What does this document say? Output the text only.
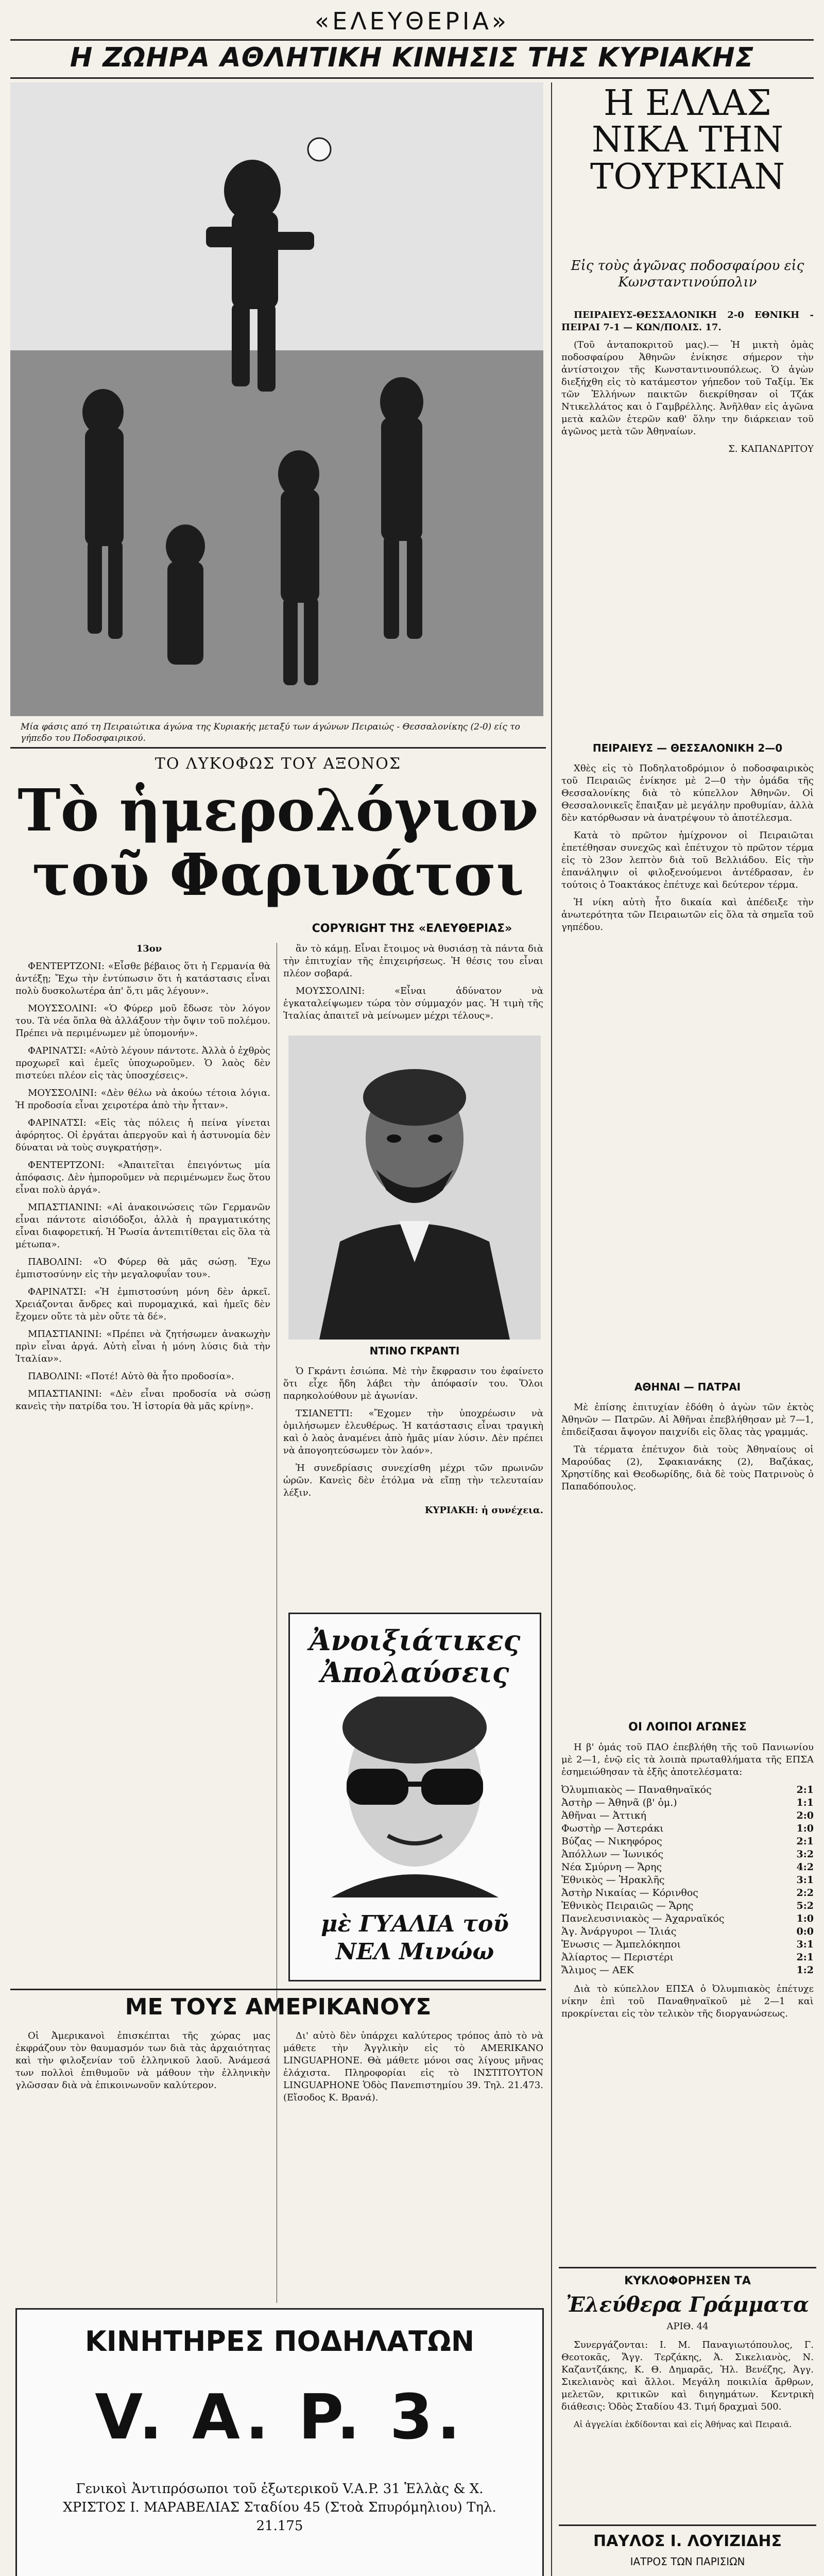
«ΕΛΕΥΘΕΡΙΑ»
Η ΖΩΗΡΑ ΑΘΛΗΤΙΚΗ ΚΙΝΗΣΙΣ ΤΗΣ ΚΥΡΙΑΚΗΣ
Μία φάσις από τη Πειραιώτικα άγώνα της Κυριακής μεταξύ των άγώνων Πειραιώς - Θεσσαλονίκης (2-0) είς το γήπεδο του Ποδοσφαιρικού.
Η ΕΛΛΑΣ ΝΙΚΑ ΤΗΝ ΤΟΥΡΚΙΑΝ
Εἰς τοὺς ἀγῶνας ποδοσφαίρου εἰς Κωνσταντινούπολιν

ΠΕΙΡΑΙΕΥΣ-ΘΕΣΣΑΛΟΝΙΚΗ 2-0 ΕΘΝΙΚΗ - ΠΕΙΡΑΙ 7-1 — ΚΩΝ/ΠΟΛΙΣ. 17.

(Τοῦ ἀνταποκριτοῦ μας).— Ἡ μικτὴ ὁμὰς ποδοσφαίρου Ἀθηνῶν ἐνίκησε σήμερον τὴν ἀντίστοιχον τῆς Κωνσταντινουπόλεως. Ὁ ἀγὼν διεξήχθη εἰς τὸ κατάμεστον γήπεδον τοῦ Ταξίμ. Ἐκ τῶν Ἑλλήνων παικτῶν διεκρίθησαν οἱ Τζάκ Ντικελλάτος και ὁ Γαμβρέλλης. Ἀνῆλθαν εἰς ἀγῶνα μετὰ καλῶν ἑτερῶν καθ' ὅλην την διάρκειαν τοῦ ἀγῶνος μετὰ τῶν Ἀθηναίων.

Σ. ΚΑΠΑΝΔΡΙΤΟΥ

ΠΕΙΡΑΙΕΥΣ — ΘΕΣΣΑΛΟΝΙΚΗ 2—0

Χθὲς εἰς τὸ Ποδηλατοδρόμιον ὁ ποδοσφαιρικὸς τοῦ Πειραιῶς ἐνίκησε μὲ 2—0 τὴν ὁμάδα τῆς Θεσσαλονίκης διὰ τὸ κύπελλον Ἀθηνῶν. Οἱ Θεσσαλονικεῖς ἔπαιξαν μὲ μεγάλην προθυμίαν, ἀλλὰ δὲν κατόρθωσαν νὰ ἀνατρέψουν τὸ ἀποτέλεσμα.

Κατὰ τὸ πρῶτον ἡμίχρονον οἱ Πειραιῶται ἐπετέθησαν συνεχῶς καὶ ἐπέτυχον τὸ πρῶτον τέρμα εἰς τὸ 23ον λεπτὸν διὰ τοῦ Βελλιάδου. Εἰς τὴν ἐπανάληψιν οἱ φιλοξενούμενοι ἀντέδρασαν, ἐν τούτοις ὁ Τοακτάκος ἐπέτυχε καὶ δεύτερον τέρμα.

Ἡ νίκη αὐτὴ ἦτο δικαία καὶ ἀπέδειξε τὴν ἀνωτερότητα τῶν Πειραιωτῶν εἰς ὅλα τὰ σημεῖα τοῦ γηπέδου.

ΑΘΗΝΑΙ — ΠΑΤΡΑΙ

Μὲ ἐπίσης ἐπιτυχίαν ἐδόθη ὁ ἀγὼν τῶν ἐκτὸς Ἀθηνῶν — Πατρῶν. Αἱ Ἀθῆναι ἐπεβλήθησαν μὲ 7—1, ἐπιδείξασαι ἄψογον παιχνίδι εἰς ὅλας τὰς γραμμάς.

Τὰ τέρματα ἐπέτυχον διὰ τοὺς Ἀθηναίους οἱ Μαρούδας (2), Σφακιανάκης (2), Βαζάκας, Χρηστίδης καὶ Θεοδωρίδης, διὰ δὲ τοὺς Πατρινοὺς ὁ Παπαδόπουλος.

ΟΙ ΛΟΙΠΟΙ ΑΓΩΝΕΣ

Η β' ὁμάς τοῦ ΠΑΟ ἐπεβλήθη τῆς τοῦ Πανιωνίου μὲ 2—1, ἐνῷ εἰς τὰ λοιπὰ πρωταθλήματα τῆς ΕΠΣΑ ἐσημειώθησαν τὰ ἑξῆς ἀποτελέσματα:

Ὀλυμπιακὸς — Παναθηναϊκός	2:1
Ἀστὴρ — Ἀθηνᾶ (β' ὁμ.)	1:1
Ἀθῆναι — Ἀττική	2:0
Φωστὴρ — Ἀστεράκι	1:0
Βύζας — Νικηφόρος	2:1
Ἀπόλλων — Ἰωνικός	3:2
Νέα Σμύρνη — Ἄρης	4:2
Ἐθνικὸς — Ἡρακλῆς	3:1
Ἀστὴρ Νικαίας — Κόρινθος	2:2
Ἐθνικὸς Πειραιῶς — Ἄρης	5:2
Πανελευσινιακὸς — Ἀχαρναϊκός	1:0
Ἁγ. Ἀνάργυροι — Ἰλιάς	0:0
Ἐνωσις — Ἀμπελόκηποι	3:1
Ἀλίαρτος — Περιστέρι	2:1
Ἄλιμος — ΑΕΚ	1:2

Διὰ τὸ κύπελλον ΕΠΣΑ ὁ Ὀλυμπιακὸς ἐπέτυχε νίκην ἐπὶ τοῦ Παναθηναϊκοῦ μὲ 2—1 καὶ προκρίνεται εἰς τὸν τελικὸν τῆς διοργανώσεως.

ΚΥΚΛΟΦΟΡΗΣΕΝ ΤΑ
Ἐλεύθερα Γράμματα
ΑΡΙΘ. 44

Συνεργάζονται: Ι. Μ. Παναγιωτόπουλος, Γ. Θεοτοκᾶς, Ἄγγ. Τερζάκης, Ἀ. Σικελιανὸς, Ν. Καζαντζάκης, Κ. Θ. Δημαρᾶς, Ἠλ. Βενέζης, Ἀγγ. Σικελιανὸς καὶ ἄλλοι. Μεγάλη ποικιλία ἄρθρων, μελετῶν, κριτικῶν καὶ διηγημάτων. Κεντρικὴ διάθεσις: Ὁδὸς Σταδίου 43. Τιμή δραχμαὶ 500.

Αἱ ἀγγελίαι ἐκδίδονται καὶ εἰς Ἀθήνας καὶ Πειραιᾶ.

ΠΑΥΛΟΣ Ι. ΛΟΥΙΖΙΔΗΣ
ΙΑΤΡΟΣ ΤΩΝ ΠΑΡΙΣΙΩΝ

ΤΟ ΛΥΚΟΦΩΣ ΤΟΥ ΑΞΟΝΟΣ
Τὸ ἡμερολόγιον
τοῦ Φαρινάτσι
COPYRIGHT ΤΗΣ «ΕΛΕΥΘΕΡΙΑΣ»

13ον

ΦΕΝΤΕΡΤΖΟΝΙ: «Εἶσθε βέβαιος ὅτι ἡ Γερμανία θὰ ἀντέξῃ; Ἔχω τὴν ἐντύπωσιν ὅτι ἡ κατάστασις εἶναι πολὺ δυσκολωτέρα ἀπ' ὅ,τι μᾶς λέγουν».

ΜΟΥΣΣΟΛΙΝΙ: «Ὁ Φύρερ μοῦ ἔδωσε τὸν λόγον του. Τὰ νέα ὅπλα θὰ ἀλλάξουν τὴν ὄψιν τοῦ πολέμου. Πρέπει νὰ περιμένωμεν μὲ ὑπομονήν».

ΦΑΡΙΝΑΤΣΙ: «Αὐτὸ λέγουν πάντοτε. Ἀλλὰ ὁ ἐχθρὸς προχωρεῖ καὶ ἐμεῖς ὑποχωροῦμεν. Ὁ λαὸς δὲν πιστεύει πλέον εἰς τὰς ὑποσχέσεις».

ΜΟΥΣΣΟΛΙΝΙ: «Δὲν θέλω νὰ ἀκούω τέτοια λόγια. Ἡ προδοσία εἶναι χειροτέρα ἀπὸ τὴν ἧτταν».

ΦΑΡΙΝΑΤΣΙ: «Εἰς τὰς πόλεις ἡ πείνα γίνεται ἀφόρητος. Οἱ ἐργάται ἀπεργοῦν καὶ ἡ ἀστυνομία δὲν δύναται νὰ τοὺς συγκρατήσῃ».

ΦΕΝΤΕΡΤΖΟΝΙ: «Ἀπαιτεῖται ἐπειγόντως μία ἀπόφασις. Δὲν ἠμποροῦμεν νὰ περιμένωμεν ἕως ὅτου εἶναι πολὺ ἀργά».

ΜΠΑΣΤΙΑΝΙΝΙ: «Αἱ ἀνακοινώσεις τῶν Γερμανῶν εἶναι πάντοτε αἰσιόδοξοι, ἀλλὰ ἡ πραγματικότης εἶναι διαφορετική. Ἡ Ῥωσία ἀντεπιτίθεται εἰς ὅλα τὰ μέτωπα».

ΠΑΒΟΛΙΝΙ: «Ὁ Φύρερ θὰ μᾶς σώσῃ. Ἔχω ἐμπιστοσύνην εἰς τὴν μεγαλοφυΐαν του».

ΦΑΡΙΝΑΤΣΙ: «Ἡ ἐμπιστοσύνη μόνη δὲν ἀρκεῖ. Χρειάζονται ἄνδρες καὶ πυρομαχικά, καὶ ἡμεῖς δὲν ἔχομεν οὔτε τὰ μὲν οὔτε τὰ δέ».

ΜΠΑΣΤΙΑΝΙΝΙ: «Πρέπει νὰ ζητήσωμεν ἀνακωχὴν πρὶν εἶναι ἀργά. Αὐτὴ εἶναι ἡ μόνη λύσις διὰ τὴν Ἰταλίαν».

ΠΑΒΟΛΙΝΙ: «Ποτέ! Αὐτὸ θὰ ἦτο προδοσία».

ΜΠΑΣΤΙΑΝΙΝΙ: «Δὲν εἶναι προδοσία νὰ σώσῃ κανεὶς τὴν πατρίδα του. Ἡ ἱστορία θὰ μᾶς κρίνῃ».

ἂν τὸ κάμῃ. Εἶναι ἔτοιμος νὰ θυσιάσῃ τὰ πάντα διὰ τὴν ἐπιτυχίαν τῆς ἐπιχειρήσεως. Ἡ θέσις του εἶναι πλέον σοβαρά.

ΜΟΥΣΣΟΛΙΝΙ: «Εἶναι ἀδύνατον νὰ ἐγκαταλείψωμεν τώρα τὸν σύμμαχόν μας. Ἡ τιμὴ τῆς Ἰταλίας ἀπαιτεῖ νὰ μείνωμεν μέχρι τέλους».

ΝΤΙΝΟ ΓΚΡΑΝΤΙ

Ὁ Γκράντι ἐσιώπα. Μὲ τὴν ἔκφρασιν του ἐφαίνετο ὅτι εἶχε ἤδη λάβει τὴν ἀπόφασίν του. Ὅλοι παρηκολούθουν μὲ ἀγωνίαν.

ΤΣΙΑΝΕΤΤΙ: «Ἔχομεν τὴν ὑποχρέωσιν νὰ ὁμιλήσωμεν ἐλευθέρως. Ἡ κατάστασις εἶναι τραγικὴ καὶ ὁ λαὸς ἀναμένει ἀπὸ ἡμᾶς μίαν λύσιν. Δὲν πρέπει νὰ ἀπογοητεύσωμεν τὸν λαόν».

Ἡ συνεδρίασις συνεχίσθη μέχρι τῶν πρωινῶν ὡρῶν. Κανεὶς δὲν ἐτόλμα νὰ εἴπῃ τὴν τελευταίαν λέξιν.

ΚΥΡΙΑΚΗ: ἡ συνέχεια.

Ἀνοιξιάτικες Ἀπολαύσεις
μὲ ΓΥΑΛΙΑ τοῦ ΝΕΛ Μινώω
ΜΕ ΤΟΥΣ ΑΜΕΡΙΚΑΝΟΥΣ

Οἱ Ἀμερικανοὶ ἐπισκέπται τῆς χώρας μας ἐκφράζουν τὸν θαυμασμόν των διὰ τὰς ἀρχαιότητας καὶ τὴν φιλοξενίαν τοῦ ἑλληνικοῦ λαοῦ. Ἀνάμεσά των πολλοὶ ἐπιθυμοῦν νὰ μάθουν τὴν ἑλληνικὴν γλῶσσαν διὰ νὰ ἐπικοινωνοῦν καλύτερον.

Δι' αὐτὸ δὲν ὑπάρχει καλύτερος τρόπος ἀπὸ τὸ νὰ μάθετε τὴν Ἀγγλικὴν εἰς τὸ AMERIKANO LINGUAPHONE. Θὰ μάθετε μόνοι σας λίγους μῆνας ἐλάχιστα. Πληροφορίαι εἰς τὸ ΙΝΣΤΙΤΟΥΤΟΝ LINGUAPHONE Ὁδὸς Πανεπιστημίου 39. Τηλ. 21.473. (Εἴσοδος Κ. Βρανά).

ΚΙΝΗΤΗΡΕΣ ΠΟΔΗΛΑΤΩΝ
V. A. P. 3.
Γενικοὶ Ἀντιπρόσωποι τοῦ ἐξωτερικοῦ V.A.P. 31 Ἑλλὰς & Χ. ΧΡΙΣΤΟΣ Ι. ΜΑΡΑΒΕΛΙΑΣ Σταδίου 45 (Στοὰ Σπυρόμηλιου) Τηλ. 21.175
